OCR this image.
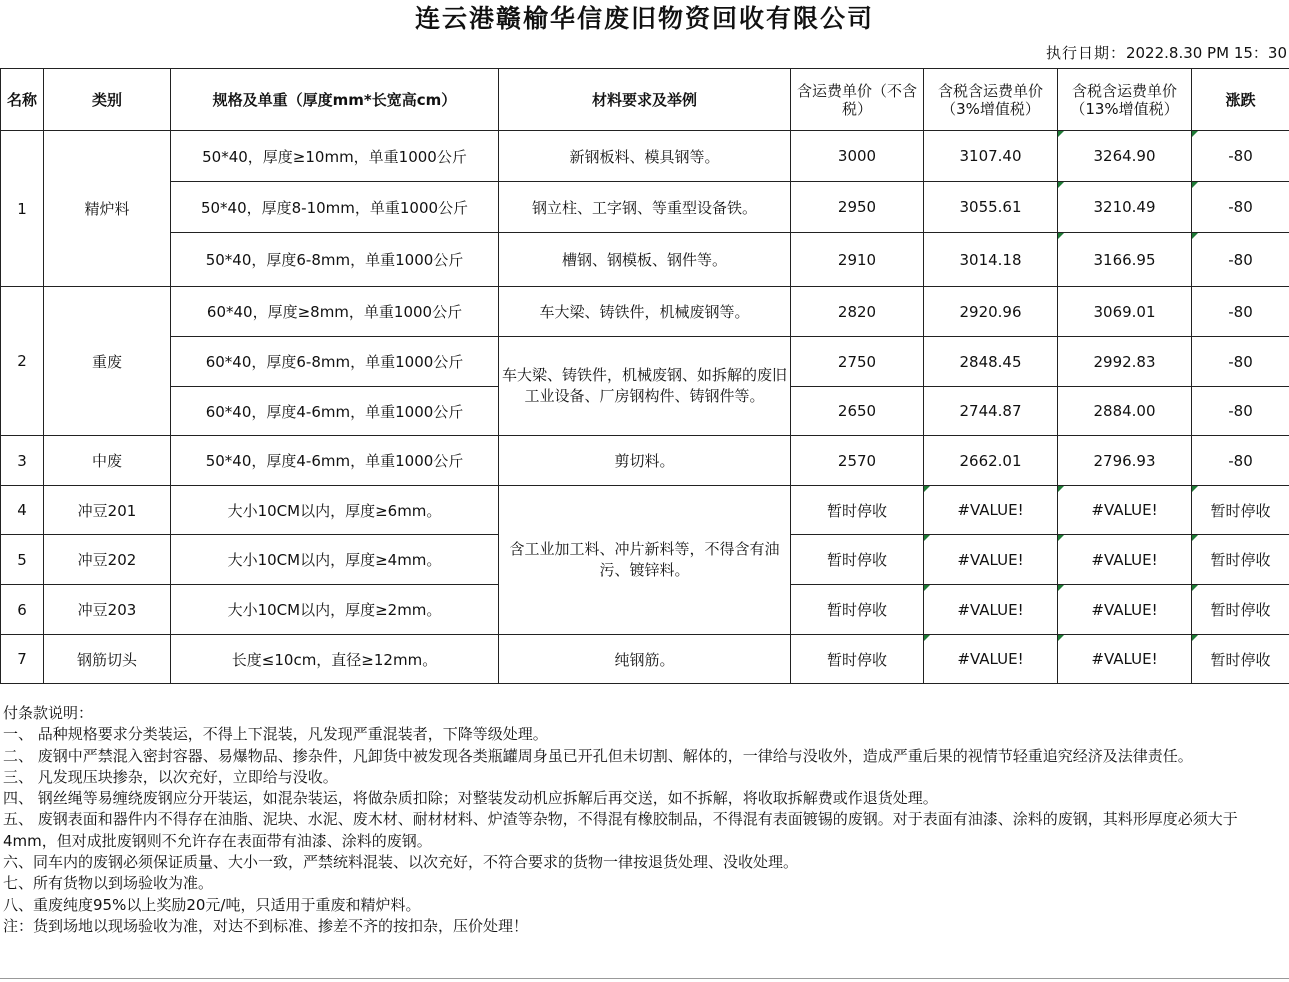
连云港赣榆华信废旧物资回收有限公司
执行日期：2022.8.30 PM 15：30
名称	类别	规格及单重（厚度mm*长宽高cm）	材料要求及举例	含运费单价（不含税）	含税含运费单价（3%增值税）	含税含运费单价（13%增值税）	涨跌
1	精炉料	50*40，厚度≥10mm，单重1000公斤	新钢板料、模具钢等。	3000	3107.40	3264.90	-80
		50*40，厚度8-10mm，单重1000公斤	钢立柱、工字钢、等重型设备铁。	2950	3055.61	3210.49	-80
		50*40，厚度6-8mm，单重1000公斤	槽钢、钢模板、钢件等。	2910	3014.18	3166.95	-80
2	重废	60*40，厚度≥8mm，单重1000公斤	车大梁、铸铁件，机械废钢等。	2820	2920.96	3069.01	-80
		60*40，厚度6-8mm，单重1000公斤	车大梁、铸铁件，机械废钢、如拆解的废旧工业设备、厂房钢构件、铸钢件等。	2750	2848.45	2992.83	-80
		60*40，厚度4-6mm，单重1000公斤		2650	2744.87	2884.00	-80
3	中废	50*40，厚度4-6mm，单重1000公斤	剪切料。	2570	2662.01	2796.93	-80
4	冲豆201	大小10CM以内，厚度≥6mm。	含工业加工料、冲片新料等，不得含有油污、镀锌料。	暂时停收	#VALUE!	#VALUE!	暂时停收
5	冲豆202	大小10CM以内，厚度≥4mm。		暂时停收	#VALUE!	#VALUE!	暂时停收
6	冲豆203	大小10CM以内，厚度≥2mm。		暂时停收	#VALUE!	#VALUE!	暂时停收
7	钢筋切头	长度≤10cm，直径≥12mm。	纯钢筋。	暂时停收	#VALUE!	#VALUE!	暂时停收
付条款说明：
一、 品种规格要求分类装运，不得上下混装，凡发现严重混装者，下降等级处理。
二、 废钢中严禁混入密封容器、易爆物品、掺杂件，凡卸货中被发现各类瓶罐周身虽已开孔但未切割、解体的，一律给与没收外，造成严重后果的视情节轻重追究经济及法律责任。
三、 凡发现压块掺杂，以次充好，立即给与没收。
四、 钢丝绳等易缠绕废钢应分开装运，如混杂装运，将做杂质扣除；对整装发动机应拆解后再交送，如不拆解，将收取拆解费或作退货处理。
五、 废钢表面和器件内不得存在油脂、泥块、水泥、废木材、耐材材料、炉渣等杂物，不得混有橡胶制品，不得混有表面镀锡的废钢。对于表面有油漆、涂料的废钢，其料形厚度必须大于4mm，但对成批废钢则不允许存在表面带有油漆、涂料的废钢。
六、同车内的废钢必须保证质量、大小一致，严禁统料混装、以次充好，不符合要求的货物一律按退货处理、没收处理。
七、所有货物以到场验收为准。
八、重废纯度95%以上奖励20元/吨，只适用于重废和精炉料。
注：货到场地以现场验收为准，对达不到标准、掺差不齐的按扣杂，压价处理！
